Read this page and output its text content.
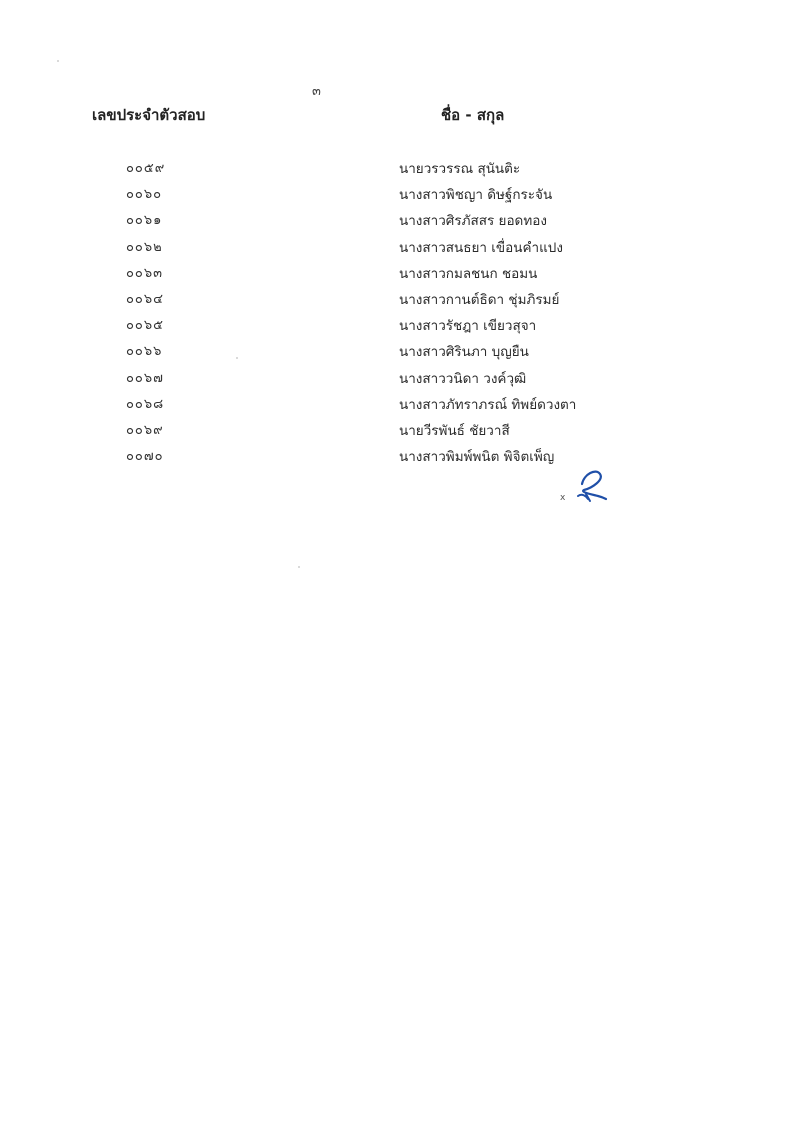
๓
เลขประจำตัวสอบ	ชื่อ - สกุล
๐๐๕๙	นายวรวรรณ สุนันติะ
๐๐๖๐	นางสาวพิชญา ดิษฐ์กระจัน
๐๐๖๑	นางสาวศิรภัสสร ยอดทอง
๐๐๖๒	นางสาวสนธยา เขื่อนคำแปง
๐๐๖๓	นางสาวกมลชนก ชอมน
๐๐๖๔	นางสาวกานต์ธิดา ชุ่มภิรมย์
๐๐๖๕	นางสาวรัชฎา เขียวสุจา
๐๐๖๖	นางสาวศิรินภา บุญยืน
๐๐๖๗	นางสาววนิดา วงค์วุฒิ
๐๐๖๘	นางสาวภัทราภรณ์ ทิพย์ดวงตา
๐๐๖๙	นายวีรพันธ์ ชัยวาสี
๐๐๗๐	นางสาวพิมพ์พนิต พิจิตเพ็ญ
x
